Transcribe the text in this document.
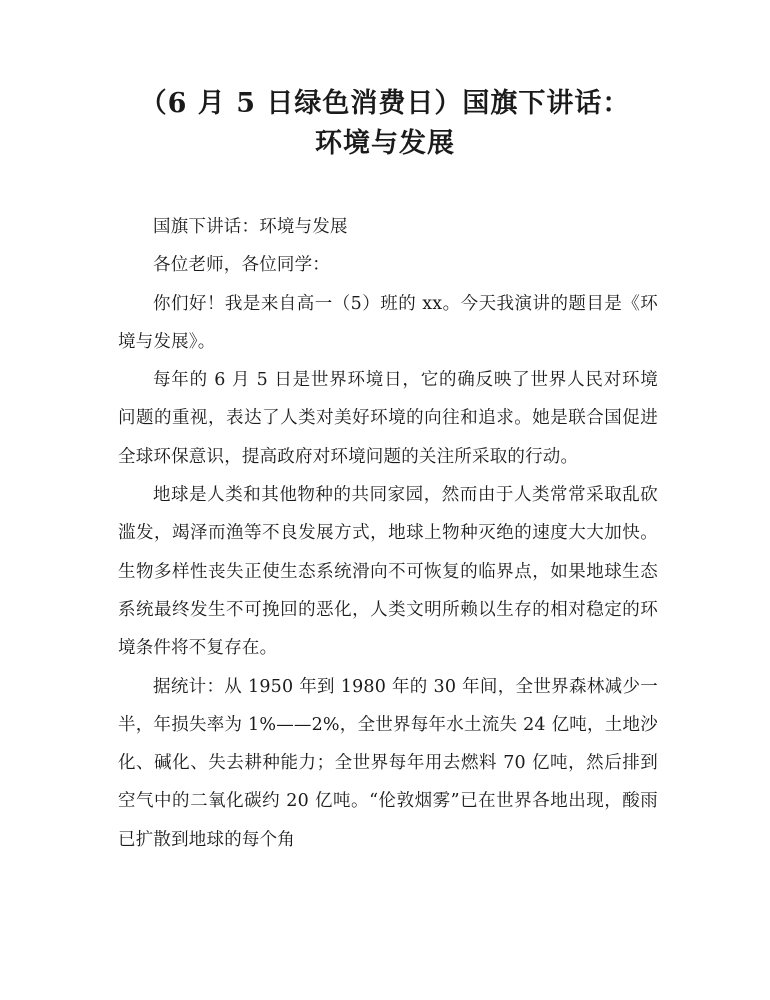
（6 月 5 日绿色消费日）国旗下讲话：
环境与发展

国旗下讲话：环境与发展

各位老师，各位同学：

你们好！我是来自高一（5）班的 xx。今天我演讲的题目是《环境与发展》。

每年的 6 月 5 日是世界环境日，它的确反映了世界人民对环境问题的重视，表达了人类对美好环境的向往和追求。她是联合国促进全球环保意识，提高政府对环境问题的关注所采取的行动。

地球是人类和其他物种的共同家园，然而由于人类常常采取乱砍滥发，竭泽而渔等不良发展方式，地球上物种灭绝的速度大大加快。生物多样性丧失正使生态系统滑向不可恢复的临界点，如果地球生态系统最终发生不可挽回的恶化，人类文明所赖以生存的相对稳定的环境条件将不复存在。

据统计：从 1950 年到 1980 年的 30 年间，全世界森林减少一半，年损失率为 1%——2%，全世界每年水土流失 24 亿吨，土地沙化、碱化、失去耕种能力；全世界每年用去燃料 70 亿吨，然后排到空气中的二氧化碳约 20 亿吨。“伦敦烟雾”已在世界各地出现，酸雨已扩散到地球的每个角
